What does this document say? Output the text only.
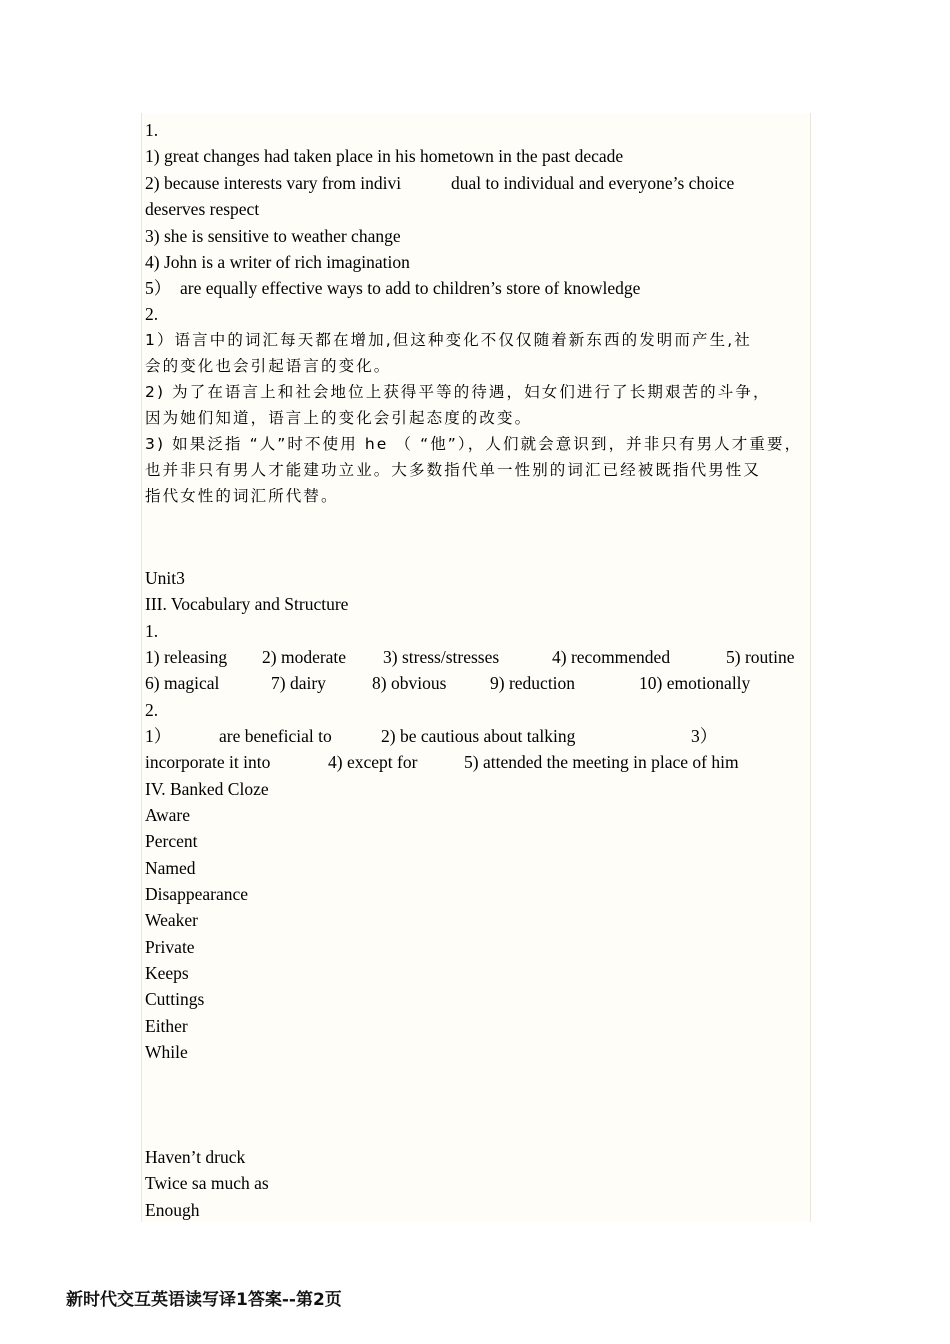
1.
1) great changes had taken place in his hometown in the past decade

2) because interests vary from indivi

	dual to individual and everyone’s choice

deserves respect
3) she is sensitive to weather change
4) John is a writer of rich imagination

5）

are equally effective ways to add to children’s store of knowledge

2.
1）语言中的词汇每天都在增加,但这种变化不仅仅随着新东西的发明而产生,社
会的变化也会引起语言的变化。
2) 为了在语言上和社会地位上获得平等的待遇，妇女们进行了长期艰苦的斗争，
因为她们知道，语言上的变化会引起态度的改变。
3) 如果泛指 “人”时不使用 he （ “他”），人们就会意识到，并非只有男人才重要，
也并非只有男人才能建功立业。大多数指代单一性别的词汇已经被既指代男性又
指代女性的词汇所代替。
Unit3
III. Vocabulary and Structure
1.

1) releasing

2) moderate

3) stress/stresses

	4) recommended

	5) routine

6) magical

	7) dairy

	8) obvious

9) reduction

	10) emotionally

2.

1）

	are beneficial to

	2) be cautious about talking

	3）

incorporate it into

	4) except for

	5) attended the meeting in place of him

IV. Banked Cloze
Aware
Percent
Named
Disappearance
Weaker
Private
Keeps
Cuttings
Either
While
Haven’t druck
Twice sa much as
Enough
新时代交互英语读写译1答案--第2页
